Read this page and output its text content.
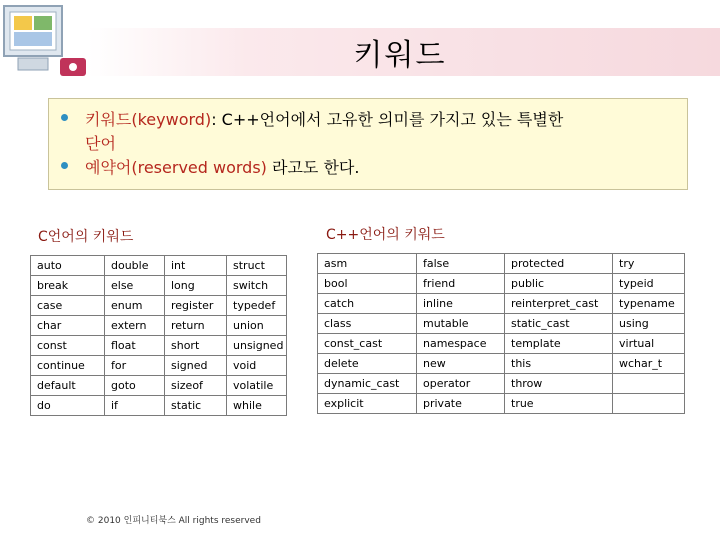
키워드
키워드(keyword): C++언어에서 고유한 의미를 가지고 있는 특별한
단어
예약어(reserved words) 라고도 한다.
C언어의 키워드	C++언어의 키워드
auto	double	int	struct
break	else	long	switch
case	enum	register	typedef
char	extern	return	union
const	float	short	unsigned
continue	for	signed	void
default	goto	sizeof	volatile
do	if	static	while
asm	false	protected	try
bool	friend	public	typeid
catch	inline	reinterpret_cast	typename
class	mutable	static_cast	using
const_cast	namespace	template	virtual
delete	new	this	wchar_t
dynamic_cast	operator	throw	
explicit	private	true	
© 2010 인피니티북스 All rights reserved
